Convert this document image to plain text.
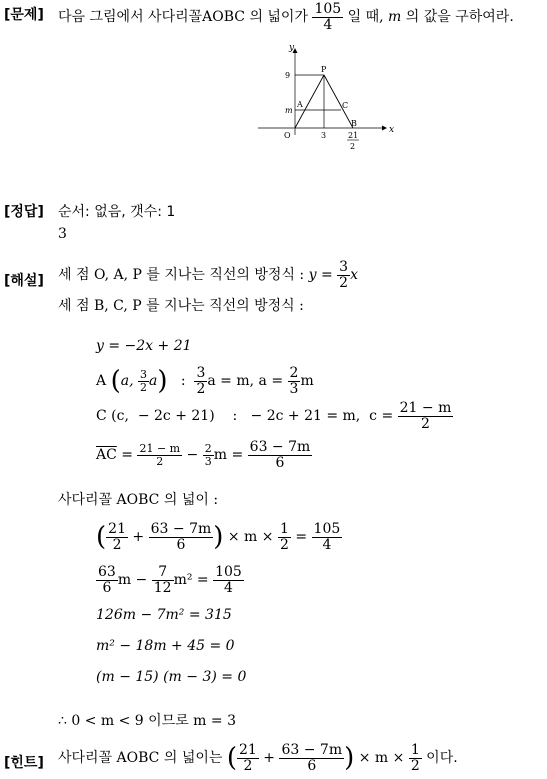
[문제] 다음 그림에서 사다리꼴AOBC 의 넓이가 $\frac{105}{4}$ 일 때, m 의 값을 구하여라.
y
x
9
P
A	C
B
m
O	3	21
2
[정답] 순서: 없음, 갯수: 1
3
[해설] 세 점 O, A, P 를 지나는 직선의 방정식 : $y = \frac{3}{2}$ x
세 점 B, C, P 를 지나는 직선의 방정식 :
y = −2x + 21
A (a, $\frac{3}{2} a$)   : $\frac{3}{2}$ a = m, $a = \frac{2}{3}$ m
C (c,  − 2c + 21)    :   − 2c + 21 = m,  $c = \frac{21 - m}{2}$
$\overline{AC} = \frac{21 - m}{2} - \frac{2}{3}$ $m = \frac{63 - 7m}{6}$
사다리꼴 AOBC 의 넓이 :
( $\frac{21}{2} + \frac{63 - 7m}{6}$ ) × $m \times \frac{1}{2} = \frac{105}{4}$
$\frac{63}{6}$ $m - \frac{7}{12} m^2 = \frac{105}{4}$
126m − 7m² = 315
m² − 18m + 45 = 0
(m − 15) (m − 3) = 0
∴ 0 < m < 9 이므로 m = 3
[힌트] 사다리꼴 AOBC 의 넓이는 ( $\frac{21}{2} + \frac{63 - 7m}{6}$ ) × $m \times \frac{1}{2}$ 이다.
